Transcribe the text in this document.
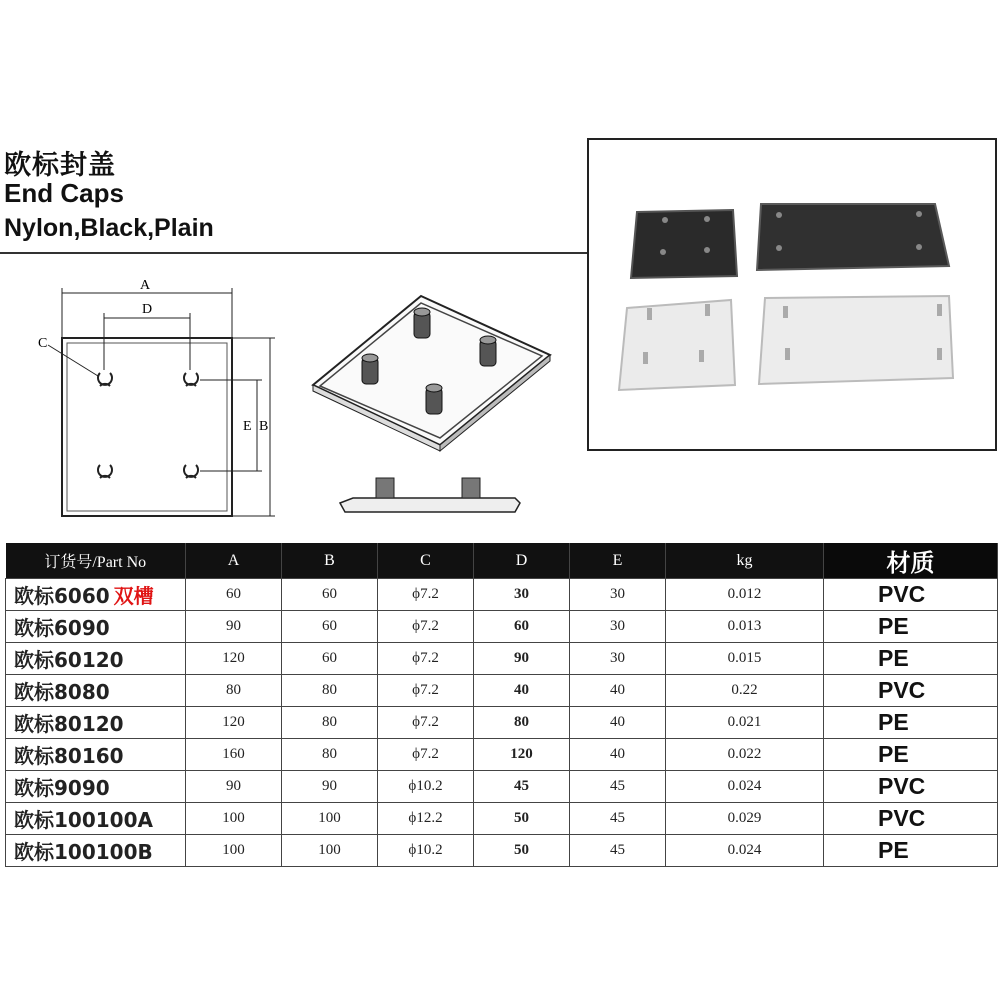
欧标封盖
End Caps
Nylon,Black,Plain
A
D
C
B
E
订货号/Part No	A	B	C	D	E	kg	材质
欧标6060 双槽	60	60	ϕ7.2	30	30	0.012	PVC
欧标6090	90	60	ϕ7.2	60	30	0.013	PE
欧标60120	120	60	ϕ7.2	90	30	0.015	PE
欧标8080	80	80	ϕ7.2	40	40	0.22	PVC
欧标80120	120	80	ϕ7.2	80	40	0.021	PE
欧标80160	160	80	ϕ7.2	120	40	0.022	PE
欧标9090	90	90	ϕ10.2	45	45	0.024	PVC
欧标100100A	100	100	ϕ12.2	50	45	0.029	PVC
欧标100100B	100	100	ϕ10.2	50	45	0.024	PE
